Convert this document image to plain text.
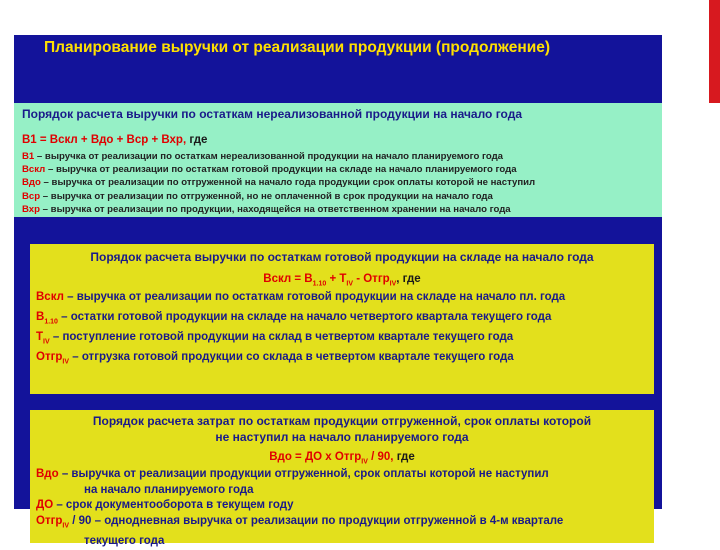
Планирование выручки от реализации продукции (продолжение)
Порядок расчета выручки по остаткам нереализованной продукции на начало года
В1 = Вскл + Вдо + Вср + Вхр, где
В1 – выручка от реализации по остаткам нереализованной продукции на начало планируемого года
Вскл – выручка от реализации по остаткам готовой продукции на складе на начало планируемого года
Вдо – выручка от реализации по отгруженной на начало года продукции срок оплаты которой не наступил
Вср – выручка от реализации по отгруженной, но не оплаченной в срок продукции на начало года
Вхр – выручка от реализации по продукции, находящейся на ответственном хранении на начало года
Порядок расчета выручки по остаткам готовой продукции на складе на начало года
Вскл = $В_{1.10} + Т_{IV}$ - Отгр$_{IV}$, где
Вскл – выручка от реализации по остаткам готовой продукции на складе на начало пл. года
$В_{1.10}$ – остатки готовой продукции на складе на начало четвертого квартала текущего года
$Т_{IV}$ – поступление готовой продукции на склад в четвертом квартале текущего года
Отгр$_{IV}$ – отгрузка готовой продукции со склада в четвертом квартале текущего года
Порядок расчета затрат по остаткам продукции отгруженной, срок оплаты которой
не наступил на начало планируемого года
Вдо = ДО х Отгр$_{IV}$ / 90, где
Вдо – выручка от реализации продукции отгруженной, срок оплаты которой не наступил
на начало планируемого года
ДО – срок документооборота в текущем году
Отгр$_{IV}$ / 90 – однодневная выручка от реализации по продукции отгруженной в 4-м квартале
текущего года
